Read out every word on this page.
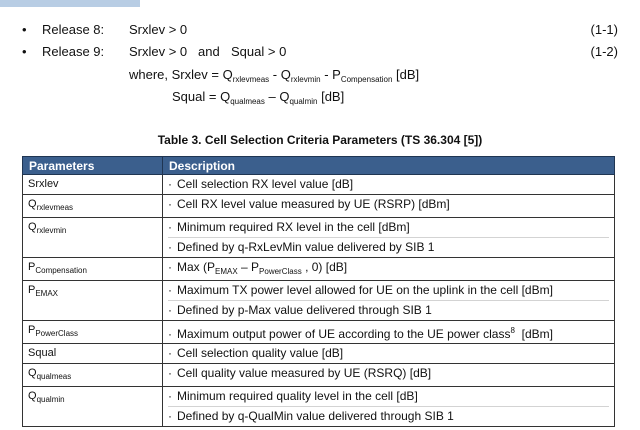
• Release 8: Srxlev > 0	(1-1)
• Release 9: Srxlev > 0 and Squal > 0	(1-2)
where, Srxlev = $Q_{rxlevmeas} - Q_{rxlevmin} - P_{Compensation}$ [dB]
Squal = $Q_{qualmeas} - Q_{qualmin}$ [dB]
Table 3. Cell Selection Criteria Parameters (TS 36.304 [5])
Parameters	Description
Srxlev	· Cell selection RX level value [dB]

$Q_{rxlevmeas}$	· Cell RX level value measured by UE (RSRP) [dBm]

$Q_{rxlevmin}$	· Minimum required RX level in the cell [dBm]
· Defined by q-RxLevMin value delivered by SIB 1

$P_{Compensation}$	· Max ($P_{EMAX} - P_{PowerClass}$ , 0) [dB]

$P_{EMAX}$	· Maximum TX power level allowed for UE on the uplink in the cell [dBm]
· Defined by p-Max value delivered through SIB 1

$P_{PowerClass}$	· Maximum output power of UE according to the UE power class$^8$  [dBm]

Squal	· Cell selection quality value [dB]

$Q_{qualmeas}$	· Cell quality value measured by UE (RSRQ) [dB]

$Q_{qualmin}$	· Minimum required quality level in the cell [dB]
· Defined by q-QualMin value delivered through SIB 1
